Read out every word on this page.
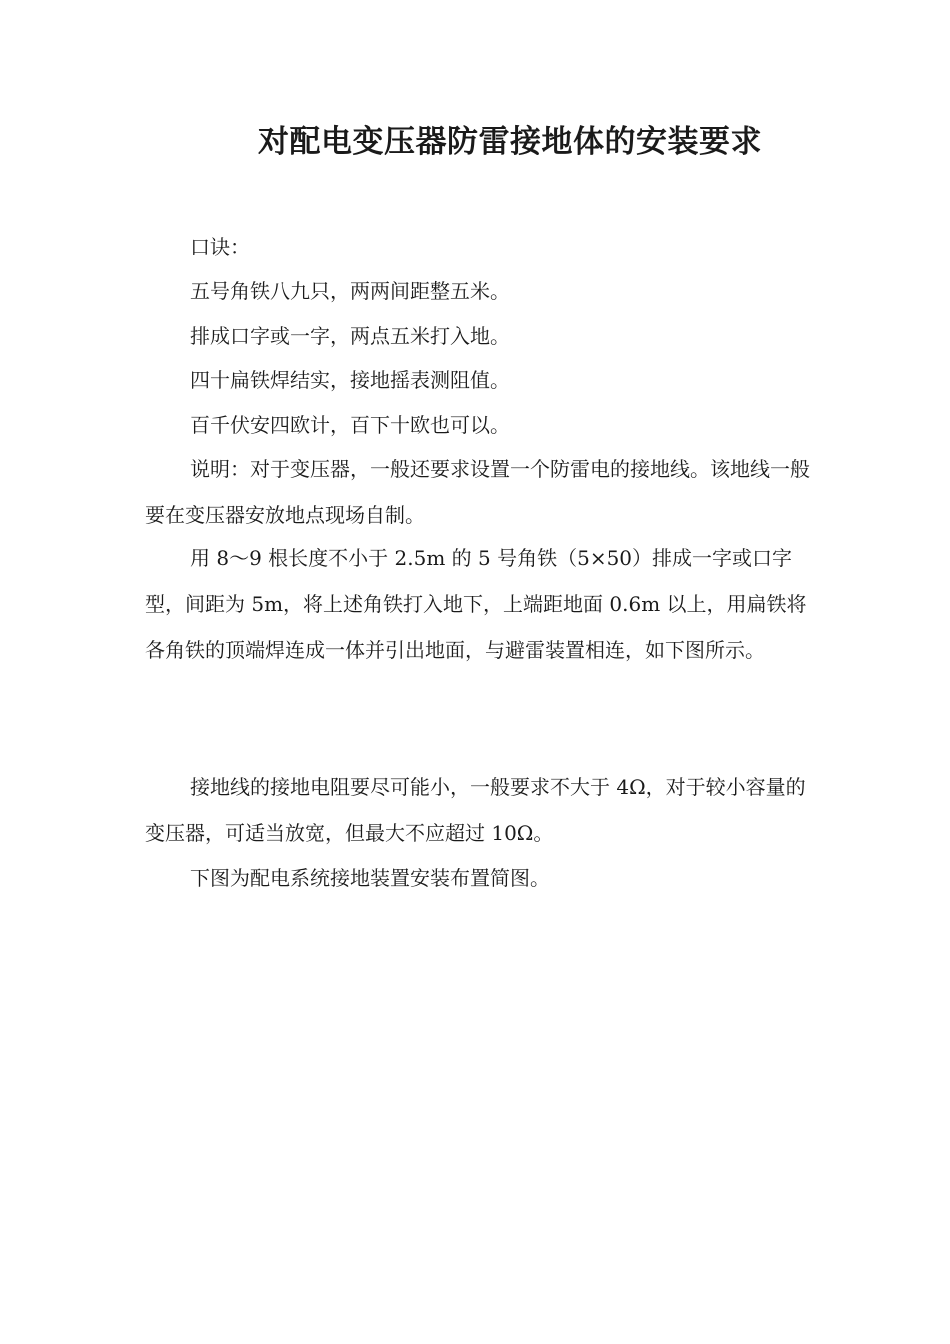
对配电变压器防雷接地体的安装要求

口诀：

五号角铁八九只，两两间距整五米。

排成口字或一字，两点五米打入地。

四十扁铁焊结实，接地摇表测阻值。

百千伏安四欧计，百下十欧也可以。

说明：对于变压器，一般还要求设置一个防雷电的接地线。该地线一般要在变压器安放地点现场自制。

用 8～9 根长度不小于 2.5m 的 5 号角铁（5×50）排成一字或口字型，间距为 5m，将上述角铁打入地下，上端距地面 0.6m 以上，用扁铁将各角铁的顶端焊连成一体并引出地面，与避雷装置相连，如下图所示。

接地线的接地电阻要尽可能小，一般要求不大于 4Ω，对于较小容量的变压器，可适当放宽，但最大不应超过 10Ω。

下图为配电系统接地装置安装布置简图。
